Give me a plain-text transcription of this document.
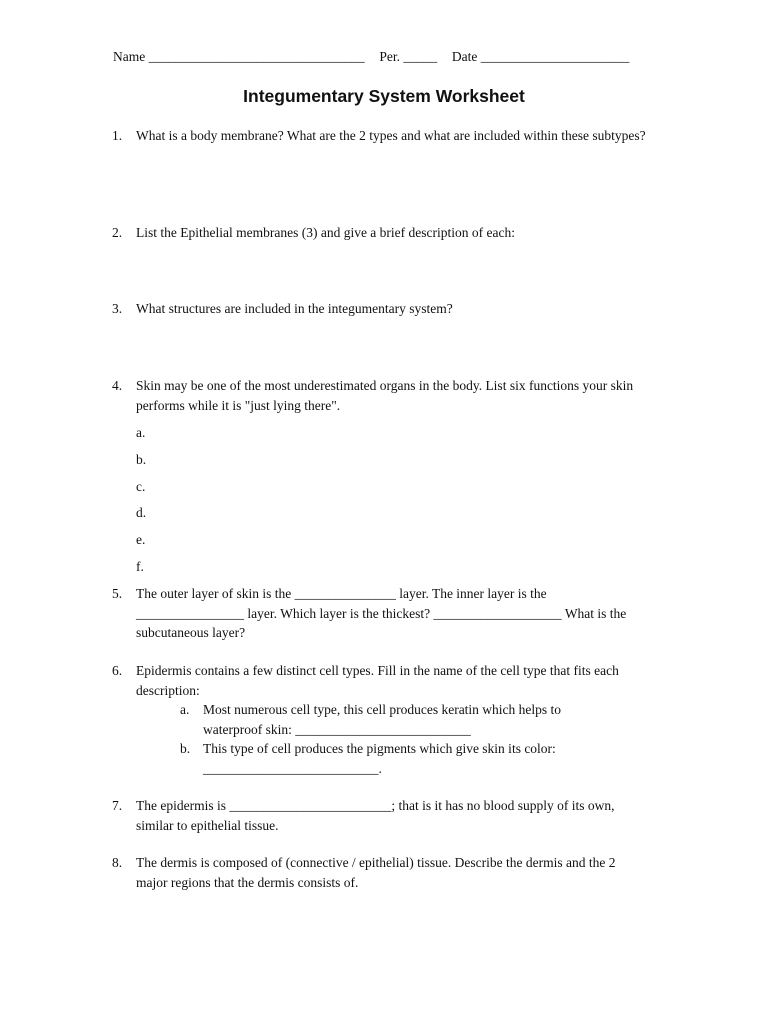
Name ________________________________ Per. _____ Date ______________________
Integumentary System Worksheet
1.	What is a body membrane? What are the 2 types and what are included within these subtypes?
2.	List the Epithelial membranes (3) and give a brief description of each:
3.	What structures are included in the integumentary system?
4.	Skin may be one of the most underestimated organs in the body. List six functions your skin performs while it is "just lying there".
a.
b.
c.
d.
e.
f.
5.	The outer layer of skin is the _______________ layer. The inner layer is the ________________ layer. Which layer is the thickest? ___________________ What is the subcutaneous layer?
6.	Epidermis contains a few distinct cell types. Fill in the name of the cell type that fits each description:
a. Most numerous cell type, this cell produces keratin which helps to waterproof skin: __________________________
b. This type of cell produces the pigments which give skin its color: __________________________.
7.	The epidermis is ________________________; that is it has no blood supply of its own, similar to epithelial tissue.
8.	The dermis is composed of (connective / epithelial) tissue. Describe the dermis and the 2 major regions that the dermis consists of.
